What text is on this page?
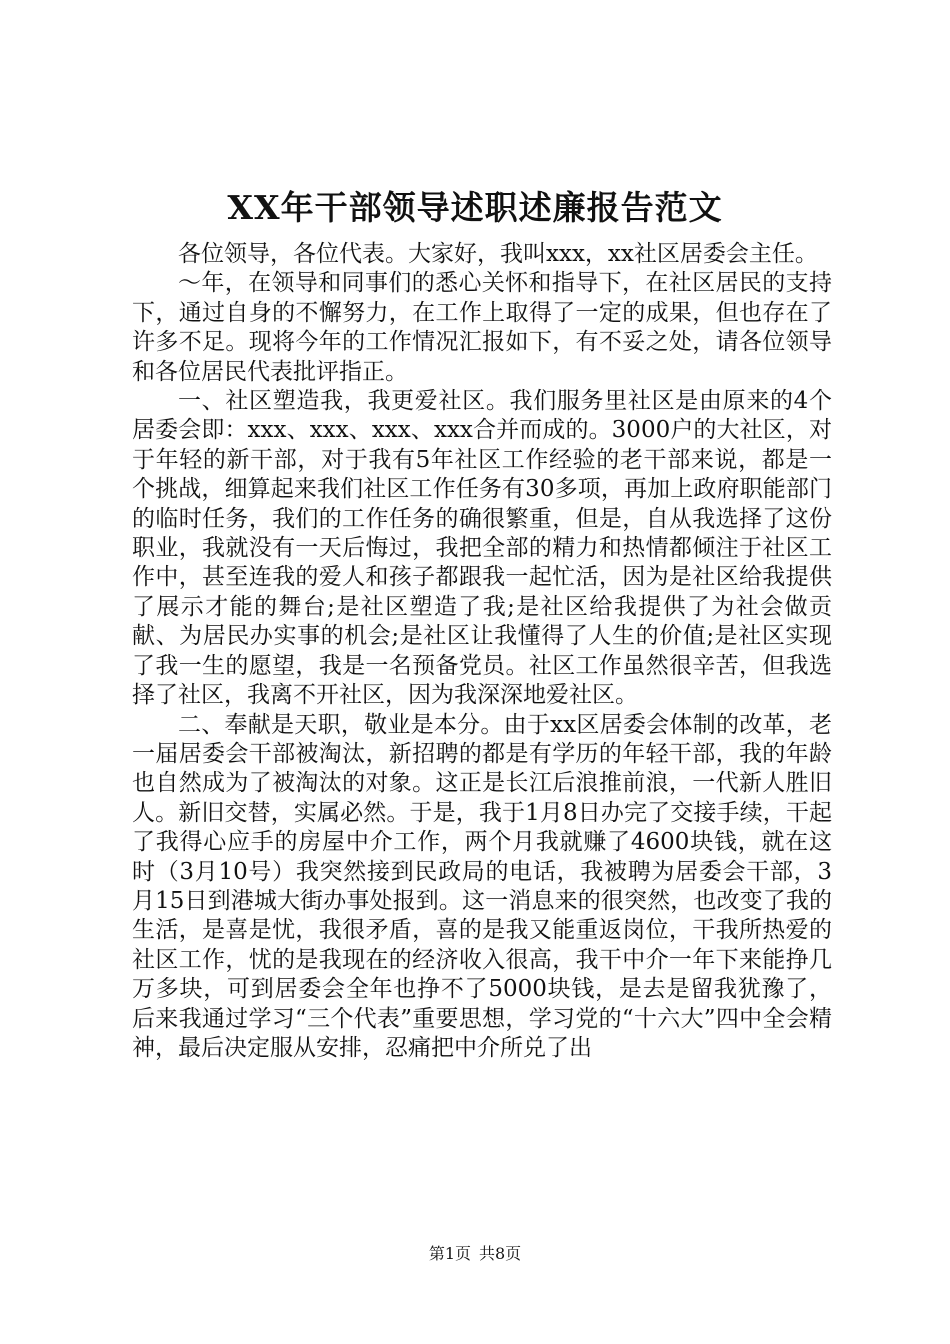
XX年干部领导述职述廉报告范文

各位领导，各位代表。大家好，我叫xxx，xx社区居委会主任。

～年，在领导和同事们的悉心关怀和指导下，在社区居民的支持下，通过自身的不懈努力，在工作上取得了一定的成果，但也存在了许多不足。现将今年的工作情况汇报如下，有不妥之处，请各位领导和各位居民代表批评指正。

一、社区塑造我，我更爱社区。我们服务里社区是由原来的4个居委会即：xxx、xxx、xxx、xxx合并而成的。3000户的大社区，对于年轻的新干部，对于我有5年社区工作经验的老干部来说，都是一个挑战，细算起来我们社区工作任务有30多项，再加上政府职能部门的临时任务，我们的工作任务的确很繁重，但是，自从我选择了这份职业，我就没有一天后悔过，我把全部的精力和热情都倾注于社区工作中，甚至连我的爱人和孩子都跟我一起忙活，因为是社区给我提供了展示才能的舞台;是社区塑造了我;是社区给我提供了为社会做贡献、为居民办实事的机会;是社区让我懂得了人生的价值;是社区实现了我一生的愿望，我是一名预备党员。社区工作虽然很辛苦，但我选择了社区，我离不开社区，因为我深深地爱社区。

二、奉献是天职，敬业是本分。由于xx区居委会体制的改革，老一届居委会干部被淘汰，新招聘的都是有学历的年轻干部，我的年龄也自然成为了被淘汰的对象。这正是长江后浪推前浪，一代新人胜旧人。新旧交替，实属必然。于是，我于1月8日办完了交接手续，干起了我得心应手的房屋中介工作，两个月我就赚了4600块钱，就在这时（3月10号）我突然接到民政局的电话，我被聘为居委会干部，3月15日到港城大街办事处报到。这一消息来的很突然，也改变了我的生活，是喜是忧，我很矛盾，喜的是我又能重返岗位，干我所热爱的社区工作，忧的是我现在的经济收入很高，我干中介一年下来能挣几万多块，可到居委会全年也挣不了5000块钱，是去是留我犹豫了，后来我通过学习“三个代表”重要思想，学习党的“十六大”四中全会精神，最后决定服从安排，忍痛把中介所兑了出

第1页 共8页
